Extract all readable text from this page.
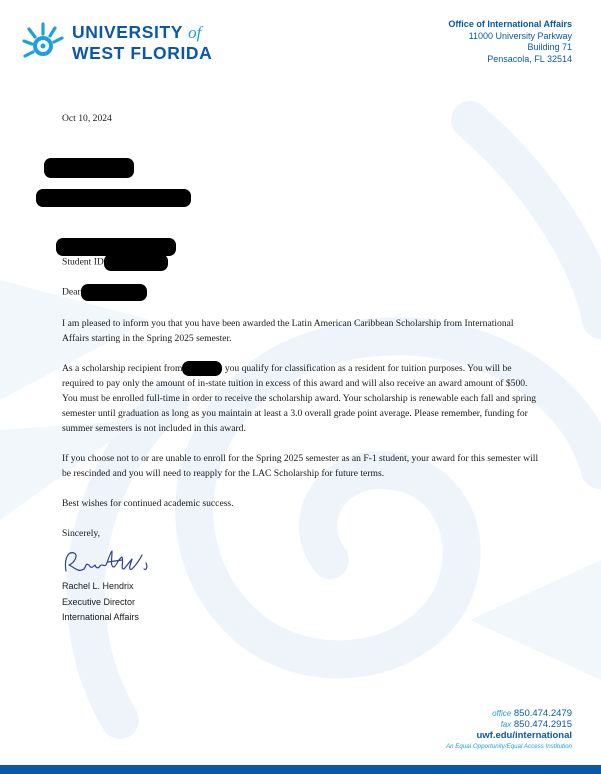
UNIVERSITY of
WEST FLORIDA
Office of International Affairs
11000 University Parkway
Building 71
Pensacola, FL 32514

Oct 10, 2024

Student ID

Dear

I am pleased to inform you that you have been awarded the Latin American Caribbean Scholarship from International Affairs starting in the Spring 2025 semester.

As a scholarship recipient from	you qualify for classification as a resident for tuition purposes. You will be required to pay only the amount of in-state tuition in excess of this award and will also receive an award amount of $500. You must be enrolled full-time in order to receive the scholarship award. Your scholarship is renewable each fall and spring semester until graduation as long as you maintain at least a 3.0 overall grade point average. Please remember, funding for summer semesters is not included in this award.

If you choose not to or are unable to enroll for the Spring 2025 semester as an F-1 student, your award for this semester will be rescinded and you will need to reapply for the LAC Scholarship for future terms.

Best wishes for continued academic success.

Sincerely,

Rachel L. Hendrix
Executive Director
International Affairs
office 850.474.2479
fax 850.474.2915
uwf.edu/international
An Equal Opportunity/Equal Access Institution
